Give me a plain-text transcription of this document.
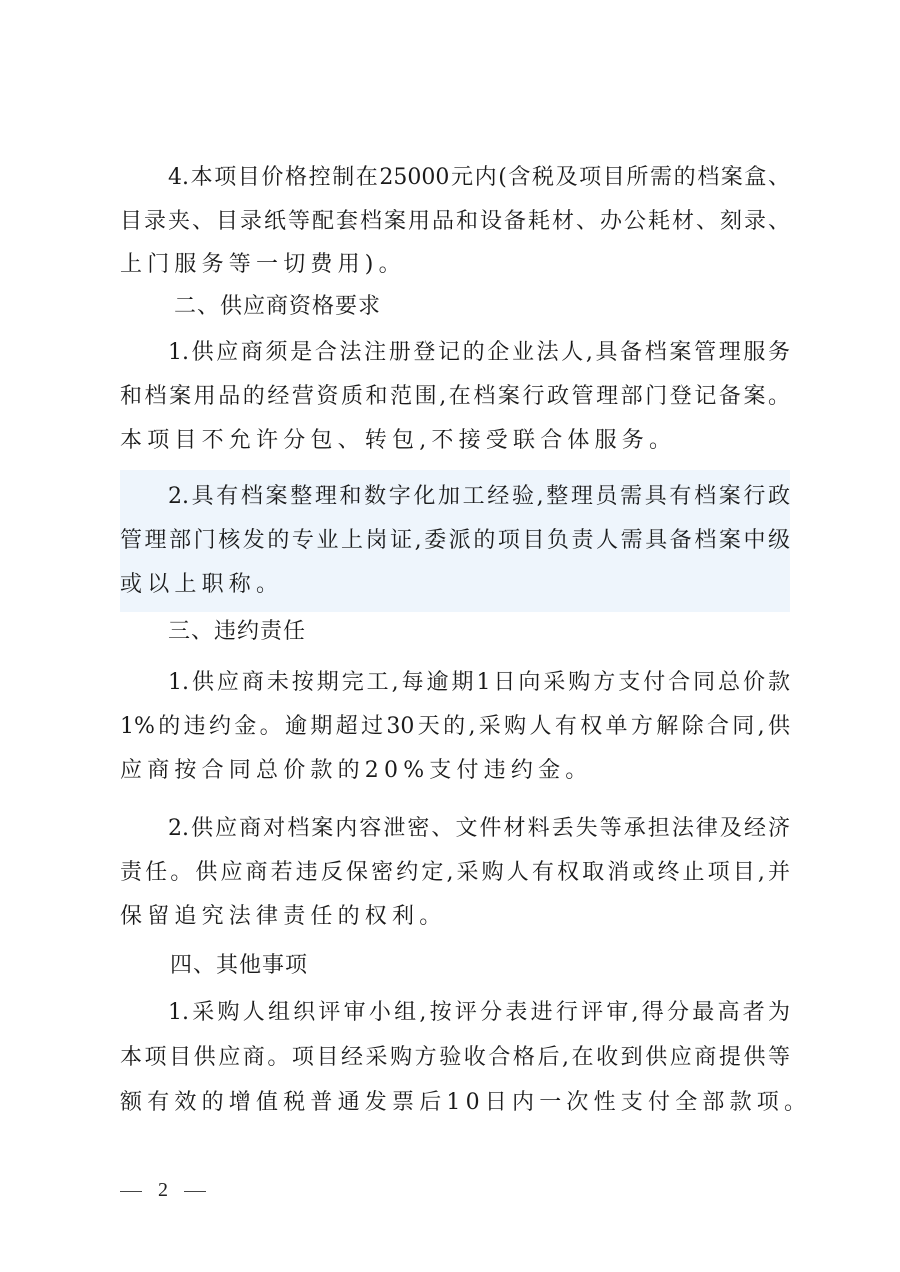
4.本项目价格控制在25000元内(含税及项目所需的档案盒、
目录夹、目录纸等配套档案用品和设备耗材、办公耗材、刻录、
上门服务等一切费用)。
二、供应商资格要求
1.供应商须是合法注册登记的企业法人,具备档案管理服务
和档案用品的经营资质和范围,在档案行政管理部门登记备案。
本项目不允许分包、转包,不接受联合体服务。
2.具有档案整理和数字化加工经验,整理员需具有档案行政
管理部门核发的专业上岗证,委派的项目负责人需具备档案中级
或以上职称。
三、违约责任
1.供应商未按期完工,每逾期1日向采购方支付合同总价款
1%的违约金。逾期超过30天的,采购人有权单方解除合同,供
应商按合同总价款的20%支付违约金。
2.供应商对档案内容泄密、文件材料丢失等承担法律及经济
责任。供应商若违反保密约定,采购人有权取消或终止项目,并
保留追究法律责任的权利。
四、其他事项
1.采购人组织评审小组,按评分表进行评审,得分最高者为
本项目供应商。项目经采购方验收合格后,在收到供应商提供等
额有效的增值税普通发票后10日内一次性支付全部款项。
2
